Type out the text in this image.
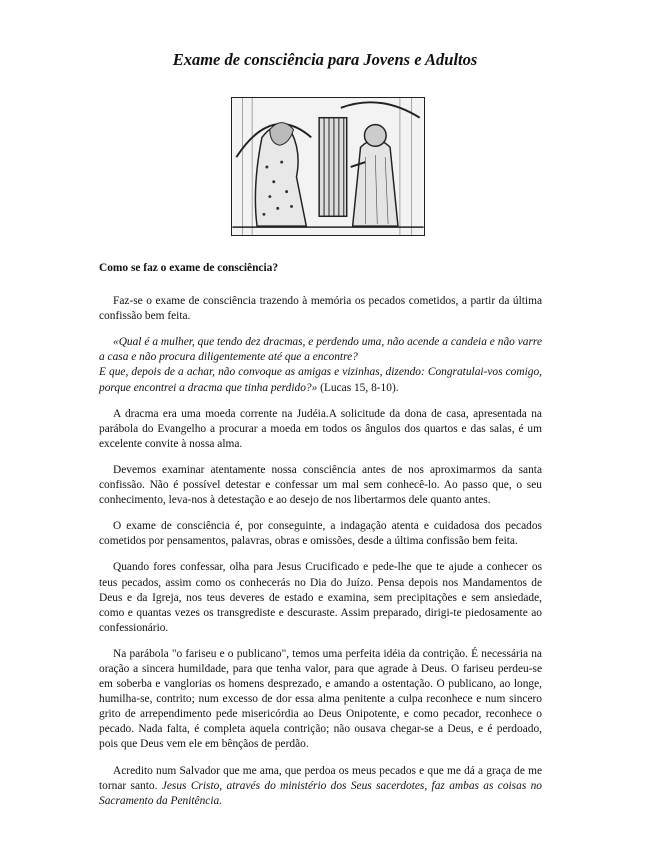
Exame de consciência para Jovens e Adultos
Como se faz o exame de consciência?

Faz-se o exame de consciência trazendo à memória os pecados cometidos, a partir da última confissão bem feita.

«Qual é a mulher, que tendo dez dracmas, e perdendo uma, não acende a candeia e não varre a casa e não procura diligentemente até que a encontre?
E que, depois de a achar, não convoque as amigas e vizinhas, dizendo: Congratulai-vos comigo, porque encontrei a dracma que tinha perdido?» (Lucas 15, 8-10).

A dracma era uma moeda corrente na Judéia.A solicitude da dona de casa, apresentada na parábola do Evangelho a procurar a moeda em todos os ângulos dos quartos e das salas, é um excelente convite à nossa alma.

Devemos examinar atentamente nossa consciência antes de nos aproximarmos da santa confissão. Não é possível detestar e confessar um mal sem conhecê-lo. Ao passo que, o seu conhecimento, leva-nos à detestação e ao desejo de nos libertarmos dele quanto antes.

O exame de consciência é, por conseguinte, a indagação atenta e cuidadosa dos pecados cometidos por pensamentos, palavras, obras e omissões, desde a última confissão bem feita.

Quando fores confessar, olha para Jesus Crucificado e pede-lhe que te ajude a conhecer os teus pecados, assim como os conhecerás no Dia do Juízo. Pensa depois nos Mandamentos de Deus e da Igreja, nos teus deveres de estado e examina, sem precipitações e sem ansiedade, como e quantas vezes os transgrediste e descuraste. Assim preparado, dirigi-te piedosamente ao confessionário.

Na parábola "o fariseu e o publicano", temos uma perfeita idéia da contrição. É necessária na oração a sincera humildade, para que tenha valor, para que agrade à Deus. O fariseu perdeu-se em soberba e vanglorias os homens desprezado, e amando a ostentação. O publicano, ao longe, humilha-se, contrito; num excesso de dor essa alma penitente a culpa reconhece e num sincero grito de arrependimento pede misericórdia ao Deus Onipotente, e como pecador, reconhece o pecado. Nada falta, é completa aquela contrição; não ousava chegar-se a Deus, e é perdoado, pois que Deus vem ele em bênçãos de perdão.

Acredito num Salvador que me ama, que perdoa os meus pecados e que me dá a graça de me tornar santo. Jesus Cristo, através do ministério dos Seus sacerdotes, faz ambas as coisas no Sacramento da Penitência.
